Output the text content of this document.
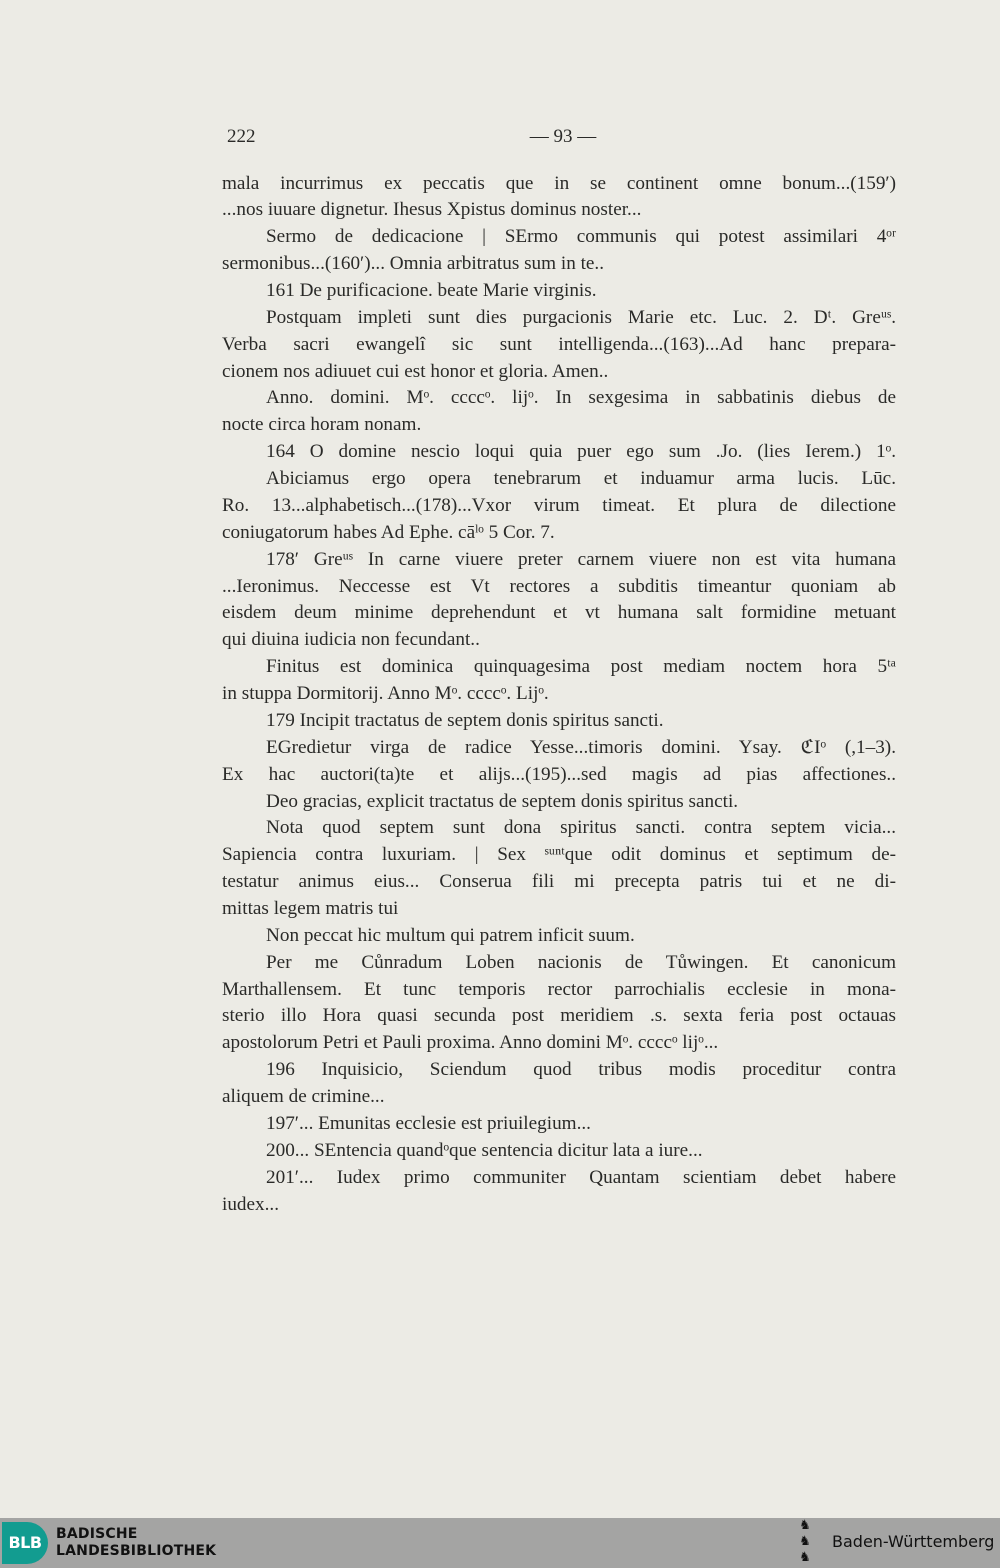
222	— 93 —
mala incurrimus ex peccatis que in se continent omne bonum...(159′)
...nos iuuare dignetur. Ihesus Xpistus dominus noster...
Sermo de dedicacione | SErmo communis qui potest assimilari 4ᵒʳ
sermonibus...(160′)... Omnia arbitratus sum in te..
161 De purificacione. beate Marie virginis.
Postquam impleti sunt dies purgacionis Marie etc. Luc. 2. Dᵗ. Greᵘˢ.
Verba sacri ewangelî sic sunt intelligenda...(163)...Ad hanc prepara-
cionem nos adiuuet cui est honor et gloria. Amen..
Anno. domini. Mᵒ. ccccᵒ. lijᵒ. In sexgesima in sabbatinis diebus de
nocte circa horam nonam.
164 O domine nescio loqui quia puer ego sum .Jo. (lies Ierem.) 1ᵒ.
Abiciamus ergo opera tenebrarum et induamur arma lucis. Lūc.
Ro. 13...alphabetisch...(178)...Vxor virum timeat. Et plura de dilectione
coniugatorum habes Ad Ephe. cāˡᵒ 5 Cor. 7.
178′ Greᵘˢ In carne viuere preter carnem viuere non est vita humana
...Ieronimus. Neccesse est Vt rectores a subditis timeantur quoniam ab
eisdem deum minime deprehendunt et vt humana salt formidine metuant
qui diuina iudicia non fecundant..
Finitus est dominica quinquagesima post mediam noctem hora 5ᵗᵃ
in stuppa Dormitorij. Anno Mᵒ. ccccᵒ. Lijᵒ.
179 Incipit tractatus de septem donis spiritus sancti.
EGredietur virga de radice Yesse...timoris domini. Ysay. ℭIᵒ (,1–3).
Ex hac auctori(ta)te et alijs...(195)...sed magis ad pias affectiones..
Deo gracias, explicit tractatus de septem donis spiritus sancti.
Nota quod septem sunt dona spiritus sancti. contra septem vicia...
Sapiencia contra luxuriam. | Sex ˢᵘⁿᵗque odit dominus et septimum de-
testatur animus eius... Conserua fili mi precepta patris tui et ne di-
mittas legem matris tui
Non peccat hic multum qui patrem inficit suum.
Per me Cůnradum Loben nacionis de Tůwingen. Et canonicum
Marthallensem. Et tunc temporis rector parrochialis ecclesie in mona-
sterio illo Hora quasi secunda post meridiem .s. sexta feria post octauas
apostolorum Petri et Pauli proxima. Anno domini Mᵒ. ccccᵒ lijᵒ...
196 Inquisicio, Sciendum quod tribus modis proceditur contra
aliquem de crimine...
197′... Emunitas ecclesie est priuilegium...
200... SEntencia quandᵒque sentencia dicitur lata a iure...
201′... Iudex primo communiter Quantam scientiam debet habere
iudex...
BLB	BADISCHE
LANDESBIBLIOTHEK
♞
♞
♞
Baden-Württemberg
